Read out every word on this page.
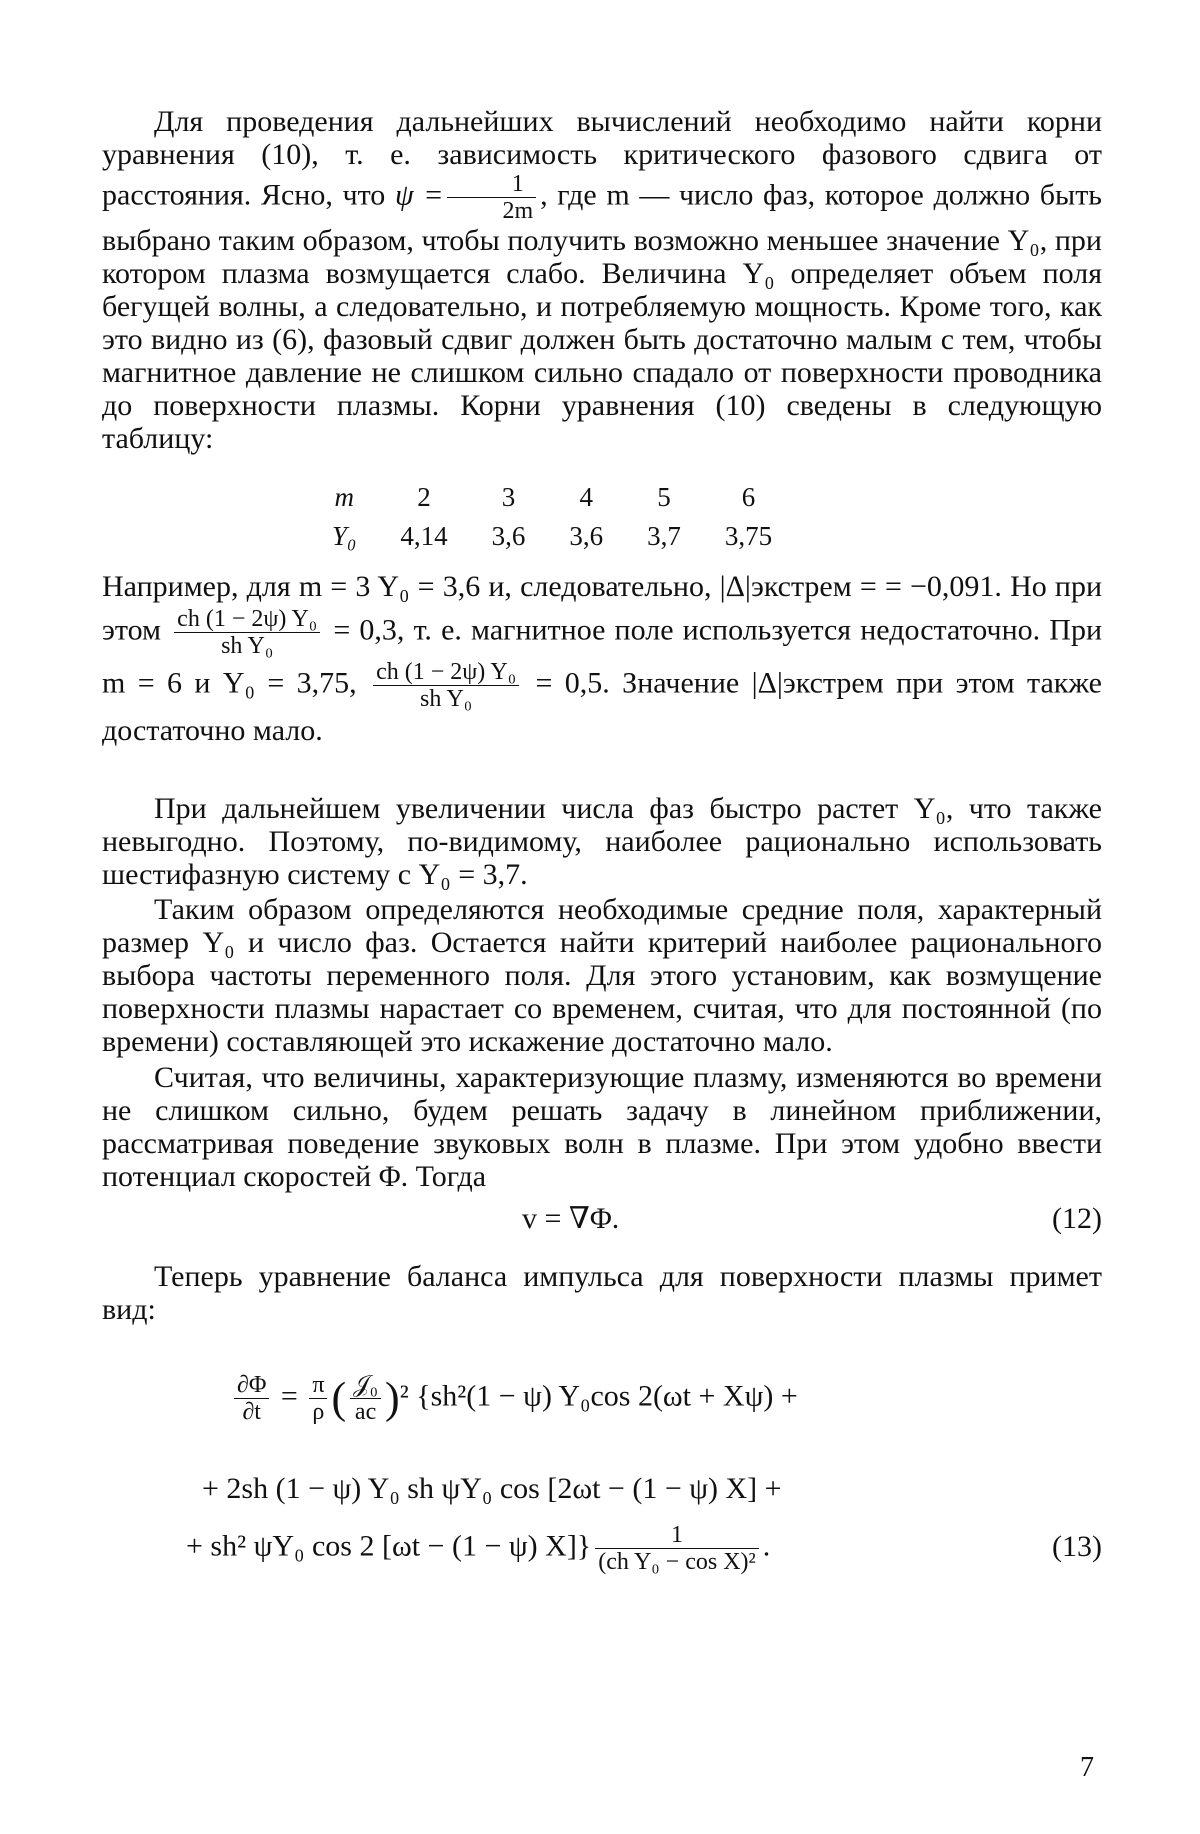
Для проведения дальнейших вычислений необходимо найти корни уравнения (10), т. е. зависимость критического фазового сдвига от расстояния. Ясно, что $\psi = \frac{1}{2m}$ , где m — число фаз, которое должно быть выбрано таким образом, чтобы получить возможно меньшее значение Y₀, при котором плазма возмущается слабо. Величина Y₀ определяет объем поля бегущей волны, а следовательно, и потребляемую мощность. Кроме того, как это видно из (6), фазовый сдвиг должен быть достаточно малым с тем, чтобы магнитное давление не слишком сильно спадало от поверхности проводника до поверхности плазмы. Корни уравнения (10) сведены в следующую таблицу:

m	2	3	4	5	6
Y₀	4,14	3,6	3,6	3,7	3,75

Например, для m = 3 Y₀ = 3,6 и, следовательно, |Δ|экстрем = = −0,091. Но при этом $\frac{\text{ch (1 − 2ψ) Y₀}}{\text{sh Y₀}} = 0,3$, т. е. магнитное поле используется недостаточно. При m = 6 и Y₀ = 3,75, $\frac{\text{ch (1 − 2ψ) Y₀}}{\text{sh Y₀}} = 0,5$. Значение |Δ|экстрем при этом также достаточно мало.

При дальнейшем увеличении числа фаз быстро растет Y₀, что также невыгодно. Поэтому, по-видимому, наиболее рационально использовать шестифазную систему с Y₀ = 3,7.

Таким образом определяются необходимые средние поля, характерный размер Y₀ и число фаз. Остается найти критерий наиболее рационального выбора частоты переменного поля. Для этого установим, как возмущение поверхности плазмы нарастает со временем, считая, что для постоянной (по времени) составляющей это искажение достаточно мало.

Считая, что величины, характеризующие плазму, изменяются во времени не слишком сильно, будем решать задачу в линейном приближении, рассматривая поведение звуковых волн в плазме. При этом удобно ввести потенциал скоростей Φ. Тогда

v = ∇Φ.	(12)

Теперь уравнение баланса импульса для поверхности плазмы примет вид:

$\frac{\partial\Phi}{\partial t} = \frac{\pi}{\rho}$ ( $\frac{\text{𝒥₀}}{ac} )^2$ {sh²(1 − ψ) Y₀cos 2(ωt + Xψ) +
+ 2sh (1 − ψ) Y₀ sh ψY₀ cos [2ωt − (1 − ψ) X] +
+ sh² ψY₀ cos 2 [ωt − (1 − ψ) $X]\} \frac{1}{\text{(ch Y₀ − cos X)²}}$ .	(13)
7
